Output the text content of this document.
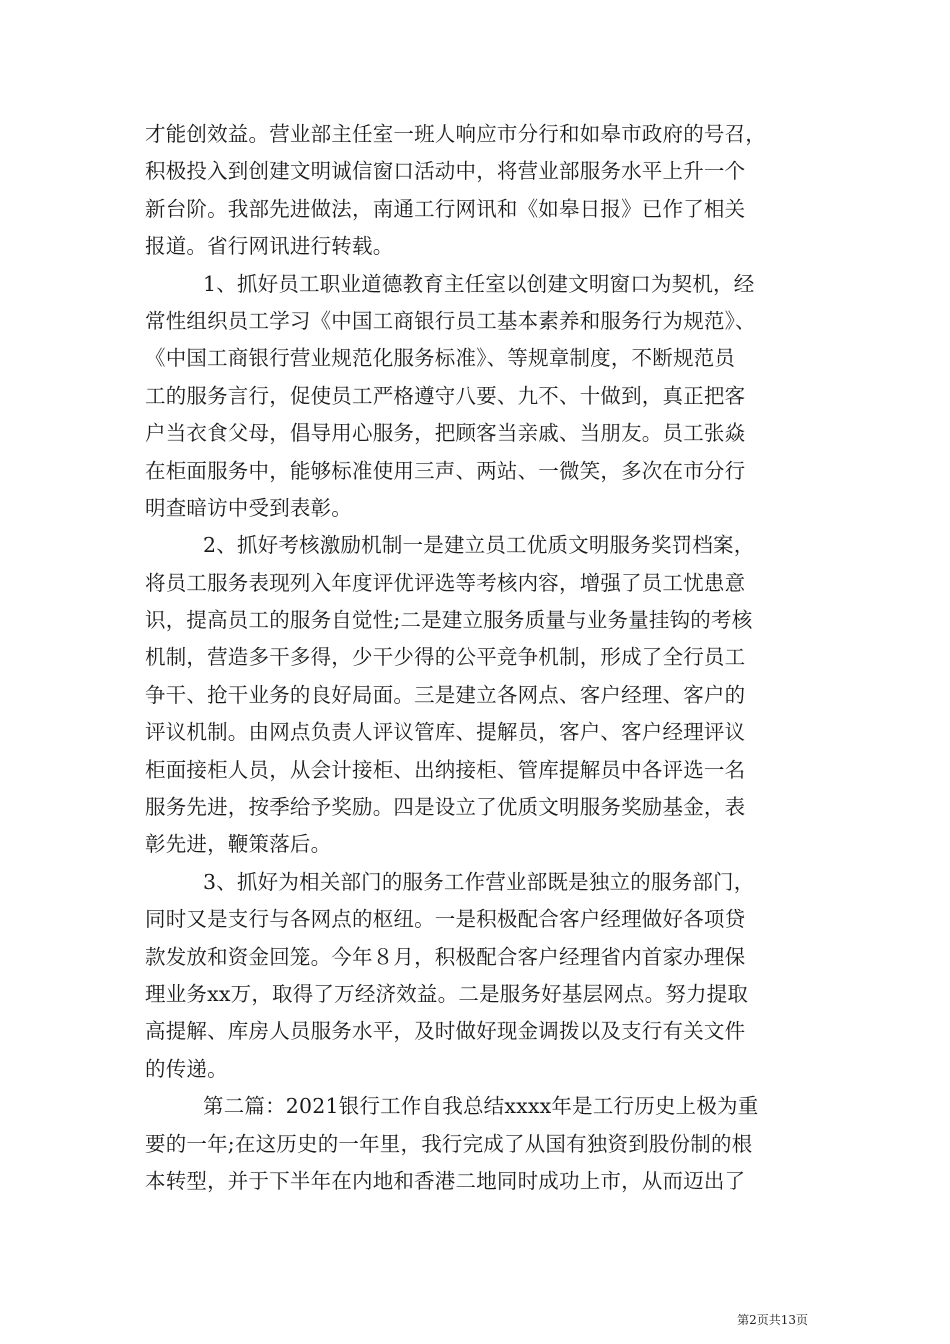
才能创效益。营业部主任室一班人响应市分行和如皋市政府的号召，
积极投入到创建文明诚信窗口活动中，将营业部服务水平上升一个
新台阶。我部先进做法，南通工行网讯和《如皋日报》已作了相关
报道。省行网讯进行转载。
1、抓好员工职业道德教育主任室以创建文明窗口为契机，经
常性组织员工学习《中国工商银行员工基本素养和服务行为规范》、
《中国工商银行营业规范化服务标准》、等规章制度，不断规范员
工的服务言行，促使员工严格遵守八要、九不、十做到，真正把客
户当衣食父母，倡导用心服务，把顾客当亲戚、当朋友。员工张焱
在柜面服务中，能够标准使用三声、两站、一微笑，多次在市分行
明查暗访中受到表彰。
2、抓好考核激励机制一是建立员工优质文明服务奖罚档案，
将员工服务表现列入年度评优评选等考核内容，增强了员工忧患意
识，提高员工的服务自觉性;二是建立服务质量与业务量挂钩的考核
机制，营造多干多得，少干少得的公平竞争机制，形成了全行员工
争干、抢干业务的良好局面。三是建立各网点、客户经理、客户的
评议机制。由网点负责人评议管库、提解员，客户、客户经理评议
柜面接柜人员，从会计接柜、出纳接柜、管库提解员中各评选一名
服务先进，按季给予奖励。四是设立了优质文明服务奖励基金，表
彰先进，鞭策落后。
3、抓好为相关部门的服务工作营业部既是独立的服务部门，
同时又是支行与各网点的枢纽。一是积极配合客户经理做好各项贷
款发放和资金回笼。今年８月，积极配合客户经理省内首家办理保
理业务xx万，取得了万经济效益。二是服务好基层网点。努力提取
高提解、库房人员服务水平，及时做好现金调拨以及支行有关文件
的传递。
第二篇：2021银行工作自我总结xxxx年是工行历史上极为重
要的一年;在这历史的一年里，我行完成了从国有独资到股份制的根
本转型，并于下半年在内地和香港二地同时成功上市，从而迈出了
第2页共13页
